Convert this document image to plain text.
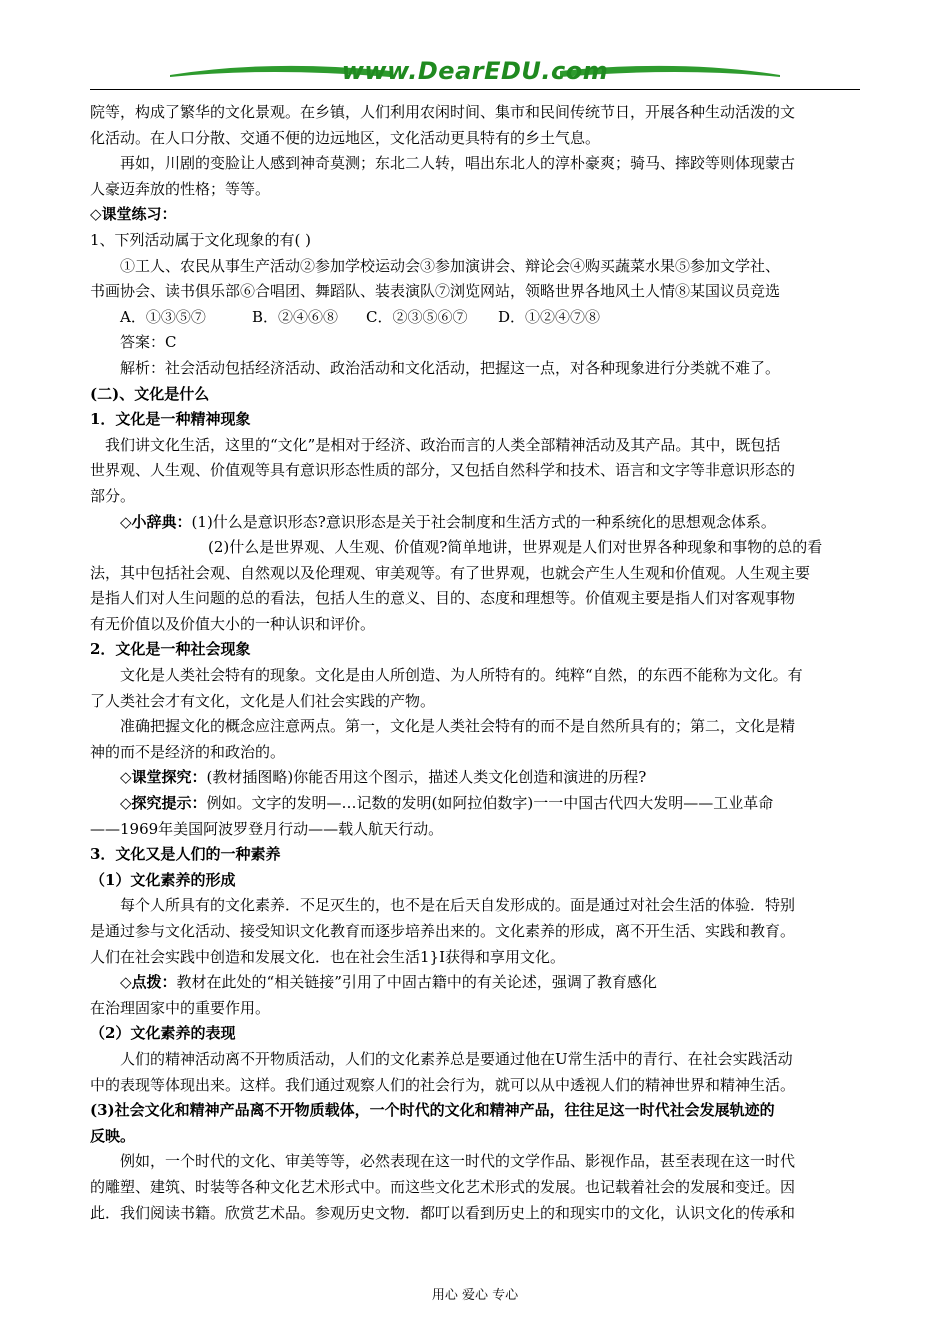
www.DearEDU.com

院等，构成了繁华的文化景观。在乡镇，人们利用农闲时间、集市和民间传统节日，开展各种生动活泼的文

化活动。在人口分散、交通不便的边远地区，文化活动更具特有的乡土气息。

再如，川剧的变脸让人感到神奇莫测；东北二人转，唱出东北人的淳朴豪爽；骑马、摔跤等则体现蒙古

人豪迈奔放的性格；等等。

◇课堂练习：

1、下列活动属于文化现象的有( )

①工人、农民从事生产活动②参加学校运动会③参加演讲会、辩论会④购买蔬菜水果⑤参加文学社、

书画协会、读书俱乐部⑥合唱团、舞蹈队、装表演队⑦浏览网站，领略世界各地风土人情⑧某国议员竞选

A．①③⑤⑦	B．②④⑥⑧ C．②③⑤⑥⑦ D．①②④⑦⑧

答案：C

解析：社会活动包括经济活动、政治活动和文化活动，把握这一点，对各种现象进行分类就不难了。

(二)、文化是什么

1．文化是一种精神现象

我们讲文化生活，这里的“文化”是相对于经济、政治而言的人类全部精神活动及其产品。其中，既包括

世界观、人生观、价值观等具有意识形态性质的部分，又包括自然科学和技术、语言和文字等非意识形态的

部分。

◇小辞典：(1)什么是意识形态?意识形态是关于社会制度和生活方式的一种系统化的思想观念体系。

(2)什么是世界观、人生观、价值观?简单地讲，世界观是人们对世界各种现象和事物的总的看

法，其中包括社会观、自然观以及伦理观、审美观等。有了世界观，也就会产生人生观和价值观。人生观主要

是指人们对人生问题的总的看法，包括人生的意义、目的、态度和理想等。价值观主要是指人们对客观事物

有无价值以及价值大小的一种认识和评价。

2．文化是一种社会现象

文化是人类社会特有的现象。文化是由人所创造、为人所特有的。纯粹“自然，的东西不能称为文化。有

了人类社会才有文化，文化是人们社会实践的产物。

准确把握文化的概念应注意两点。第一，文化是人类社会特有的而不是自然所具有的；第二，文化是精

神的而不是经济的和政治的。

◇课堂探究：(教材插图略)你能否用这个图示，描述人类文化创造和演进的历程?

◇探究提示：例如。文字的发明—…记数的发明(如阿拉伯数字)一一中国古代四大发明——工业革命

——1969年美国阿波罗登月行动——载人航天行动。

3．文化又是人们的一种素养

（1）文化素养的形成

每个人所具有的文化素养．不足灭生的，也不是在后天自发形成的。面是通过对社会生活的体验．特别

是通过参与文化活动、接受知识文化教育而逐步培养出来的。文化素养的形成，离不开生活、实践和教育。

人们在社会实践中创造和发展文化．也在社会生活1}I获得和享用文化。

◇点拨：教材在此处的“相关链接”引用了中固古籍中的有关论述，强调了教育感化

在治理固家中的重要作用。

（2）文化素养的表现

人们的精神活动离不开物质活动，人们的文化素养总是要通过他在U常生活中的青行、在社会实践活动

中的表现等体现出来。这样。我们通过观察人们的社会行为，就可以从中透视人们的精神世界和精神生活。

(3)社会文化和精神产品离不开物质载体，一个时代的文化和精神产品，往往足这一时代社会发展轨迹的

反映。

例如，一个时代的文化、审美等等，必然表现在这一时代的文学作品、影视作品，甚至表现在这一时代

的雕塑、建筑、时装等各种文化艺术形式中。而这些文化艺术形式的发展。也记载着社会的发展和变迁。因

此．我们阅读书籍。欣赏艺术品。参观历史文物．都叮以看到历史上的和现实巾的文化，认识文化的传承和

用心 爱心 专心
